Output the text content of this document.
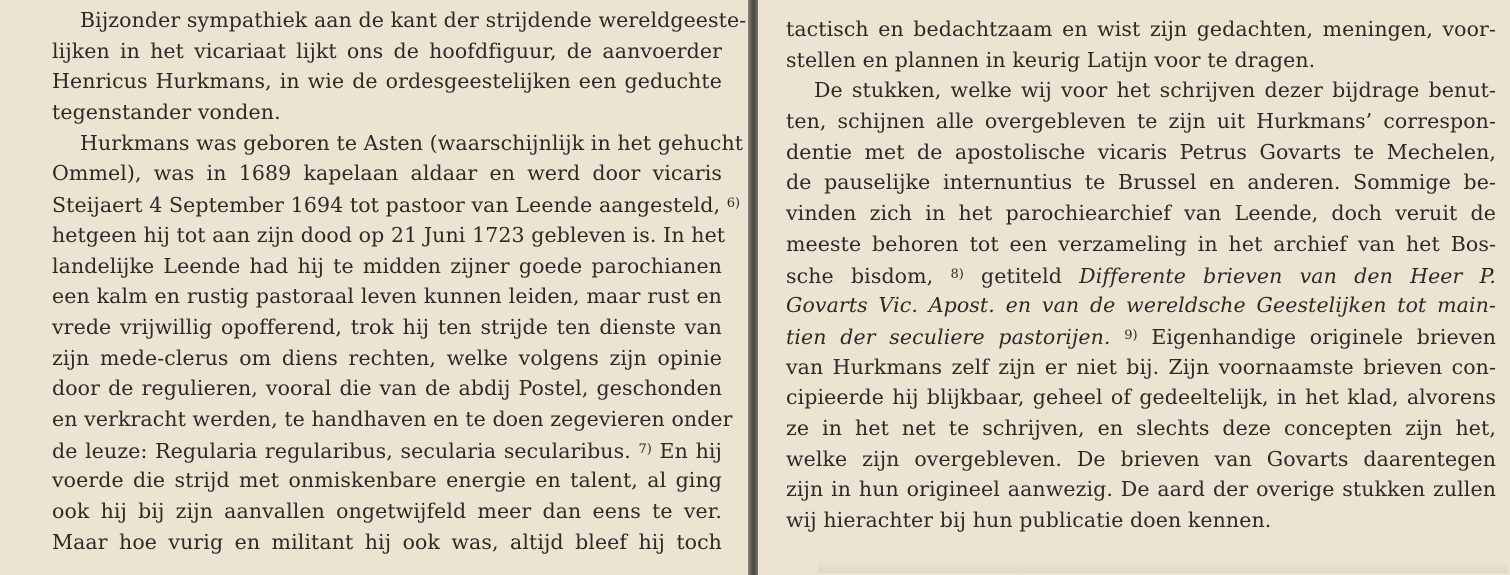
Bijzonder sympathiek aan de kant der strijdende wereldgeeste-
lijken in het vicariaat lijkt ons de hoofdfiguur, de aanvoerder
Henricus Hurkmans, in wie de ordesgeestelijken een geduchte
tegenstander vonden.
Hurkmans was geboren te Asten (waarschijnlijk in het gehucht
Ommel), was in 1689 kapelaan aldaar en werd door vicaris
Steijaert 4 September 1694 tot pastoor van Leende aangesteld, $^{6)}$
hetgeen hij tot aan zijn dood op 21 Juni 1723 gebleven is. In het
landelijke Leende had hij te midden zijner goede parochianen
een kalm en rustig pastoraal leven kunnen leiden, maar rust en
vrede vrijwillig opofferend, trok hij ten strijde ten dienste van
zijn mede-clerus om diens rechten, welke volgens zijn opinie
door de regulieren, vooral die van de abdij Postel, geschonden
en verkracht werden, te handhaven en te doen zegevieren onder
de leuze: Regularia regularibus, secularia secularibus. $^{7)}$ En hij
voerde die strijd met onmiskenbare energie en talent, al ging
ook hij bij zijn aanvallen ongetwijfeld meer dan eens te ver.
Maar hoe vurig en militant hij ook was, altijd bleef hij toch
tactisch en bedachtzaam en wist zijn gedachten, meningen, voor-
stellen en plannen in keurig Latijn voor te dragen.
De stukken, welke wij voor het schrijven dezer bijdrage benut-
ten, schijnen alle overgebleven te zijn uit Hurkmans’ correspon-
dentie met de apostolische vicaris Petrus Govarts te Mechelen,
de pauselijke internuntius te Brussel en anderen. Sommige be-
vinden zich in het parochiearchief van Leende, doch veruit de
meeste behoren tot een verzameling in het archief van het Bos-
sche bisdom, $^{8)}$ getiteld Differente brieven van den Heer P.
Govarts Vic. Apost. en van de wereldsche Geestelijken tot main-
tien der seculiere pastorijen. $^{9)}$ Eigenhandige originele brieven
van Hurkmans zelf zijn er niet bij. Zijn voornaamste brieven con-
cipieerde hij blijkbaar, geheel of gedeeltelijk, in het klad, alvorens
ze in het net te schrijven, en slechts deze concepten zijn het,
welke zijn overgebleven. De brieven van Govarts daarentegen
zijn in hun origineel aanwezig. De aard der overige stukken zullen
wij hierachter bij hun publicatie doen kennen.
